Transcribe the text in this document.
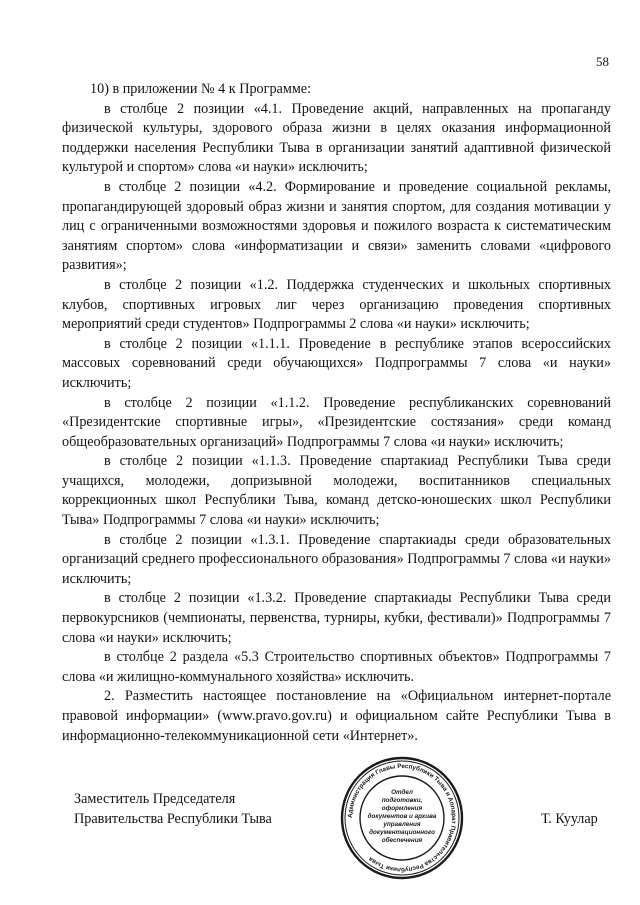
58

10) в приложении № 4 к Программе:

в столбце 2 позиции «4.1. Проведение акций, направленных на пропаганду физической культуры, здорового образа жизни в целях оказания информационной поддержки населения Республики Тыва в организации занятий адаптивной физической культурой и спортом» слова «и науки» исключить;

в столбце 2 позиции «4.2. Формирование и проведение социальной рекламы, пропагандирующей здоровый образ жизни и занятия спортом, для создания мотивации у лиц с ограниченными возможностями здоровья и пожилого возраста к систематическим занятиям спортом» слова «информатизации и связи» заменить словами «цифрового развития»;

в столбце 2 позиции «1.2. Поддержка студенческих и школьных спортивных клубов, спортивных игровых лиг через организацию проведения спортивных мероприятий среди студентов» Подпрограммы 2 слова «и науки» исключить;

в столбце 2 позиции «1.1.1. Проведение в республике этапов всероссийских массовых соревнований среди обучающихся» Подпрограммы 7 слова «и науки» исключить;

в столбце 2 позиции «1.1.2. Проведение республиканских соревнований «Президентские спортивные игры», «Президентские состязания» среди команд общеобразовательных организаций» Подпрограммы 7 слова «и науки» исключить;

в столбце 2 позиции «1.1.3. Проведение спартакиад Республики Тыва среди учащихся, молодежи, допризывной молодежи, воспитанников специальных коррекционных школ Республики Тыва, команд детско-юношеских школ Республики Тыва» Подпрограммы 7 слова «и науки» исключить;

в столбце 2 позиции «1.3.1. Проведение спартакиады среди образовательных организаций среднего профессионального образования» Подпрограммы 7 слова «и науки» исключить;

в столбце 2 позиции «1.3.2. Проведение спартакиады Республики Тыва среди первокурсников (чемпионаты, первенства, турниры, кубки, фестивали)» Подпрограммы 7 слова «и науки» исключить;

в столбце 2 раздела «5.3 Строительство спортивных объектов» Подпрограммы 7 слова «и жилищно-коммунального хозяйства» исключить.

2. Разместить настоящее постановление на «Официальном интернет-портале правовой информации» (www.pravo.gov.ru) и официальном сайте Республики Тыва в информационно-телекоммуникационной сети «Интернет».

Заместитель Председателя
Правительства Республики Тыва	Администрация Главы Республики Тыва и Аппарат Правительства Республики Тыва
Отдел
подготовки,
оформления
документов и архива
управления
документационного
обеспечения
Т. Куулар
